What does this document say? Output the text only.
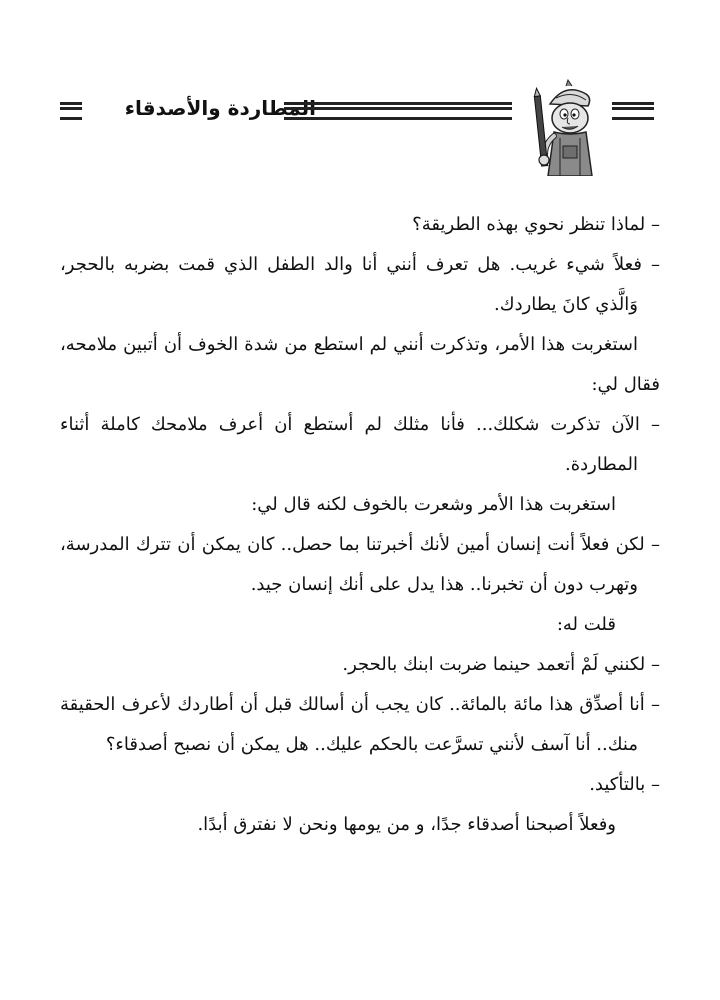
المطاردة والأصدقاء

– لماذا تنظر نحوي بهذه الطريقة؟

– فعلاً شيء غريب. هل تعرف أنني أنا والد الطفل الذي قمت بضربه بالحجر، وَالَّذي كانَ يطاردك.

استغربت هذا الأمر، وتذكرت أنني لم استطع من شدة الخوف أن أتبين ملامحه، فقال لي:

– الآن تذكرت شكلك... فأنا مثلك لم أستطع أن أعرف ملامحك كاملة أثناء المطاردة.

استغربت هذا الأمر وشعرت بالخوف لكنه قال لي:

– لكن فعلاً أنت إنسان أمين لأنك أخبرتنا بما حصل.. كان يمكن أن تترك المدرسة، وتهرب دون أن تخبرنا.. هذا يدل على أنك إنسان جيد.

قلت له:

– لكنني لَمْ أتعمد حينما ضربت ابنك بالحجر.

– أنا أصدِّق هذا مائة بالمائة.. كان يجب أن أسالك قبل أن أطاردك لأعرف الحقيقة منك.. أنا آسف لأنني تسرَّعت بالحكم عليك.. هل يمكن أن نصبح أصدقاء؟

– بالتأكيد.

وفعلاً أصبحنا أصدقاء جدًا، و من يومها ونحن لا نفترق أبدًا.
